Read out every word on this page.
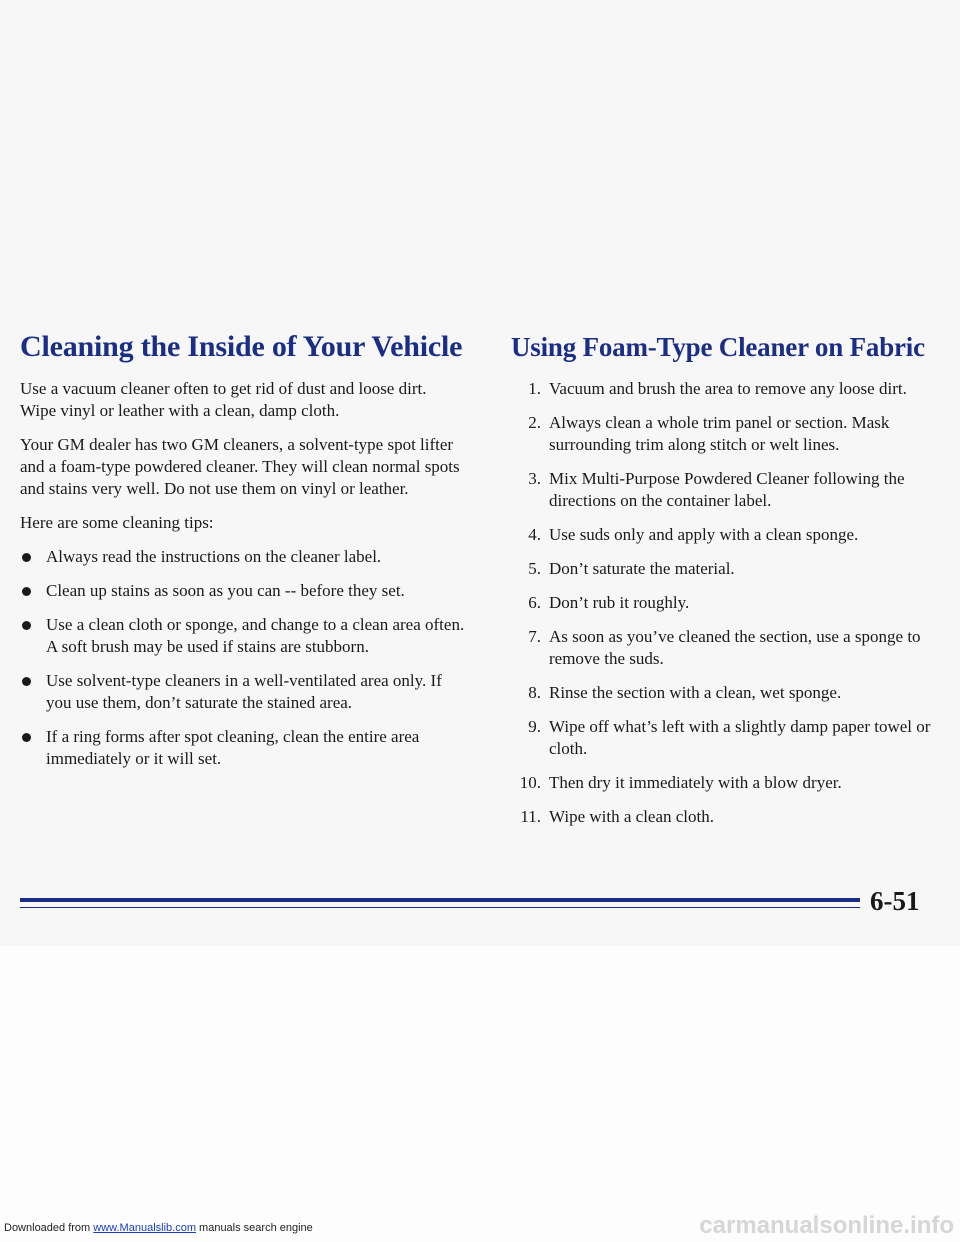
Cleaning the Inside of Your Vehicle

Use a vacuum cleaner often to get rid of dust and loose dirt. Wipe vinyl or leather with a clean, damp cloth.

Your GM dealer has two GM cleaners, a solvent-type spot lifter and a foam-type powdered cleaner. They will clean normal spots and stains very well. Do not use them on vinyl or leather.

Here are some cleaning tips:

Always read the instructions on the cleaner label.
Clean up stains as soon as you can -- before they set.
Use a clean cloth or sponge, and change to a clean area often. A soft brush may be used if stains are stubborn.
Use solvent-type cleaners in a well-ventilated area only. If you use them, don’t saturate the stained area.
If a ring forms after spot cleaning, clean the entire area immediately or it will set.
Using Foam-Type Cleaner on Fabric
1. Vacuum and brush the area to remove any loose dirt.
2. Always clean a whole trim panel or section. Mask surrounding trim along stitch or welt lines.
3. Mix Multi-Purpose Powdered Cleaner following the directions on the container label.
4. Use suds only and apply with a clean sponge.
5. Don’t saturate the material.
6. Don’t rub it roughly.
7. As soon as you’ve cleaned the section, use a sponge to remove the suds.
8. Rinse the section with a clean, wet sponge.
9. Wipe off what’s left with a slightly damp paper towel or cloth.
10. Then dry it immediately with a blow dryer.
11. Wipe with a clean cloth.
6-51
Downloaded from www.Manualslib.com manuals search engine	carmanualsonline.info
